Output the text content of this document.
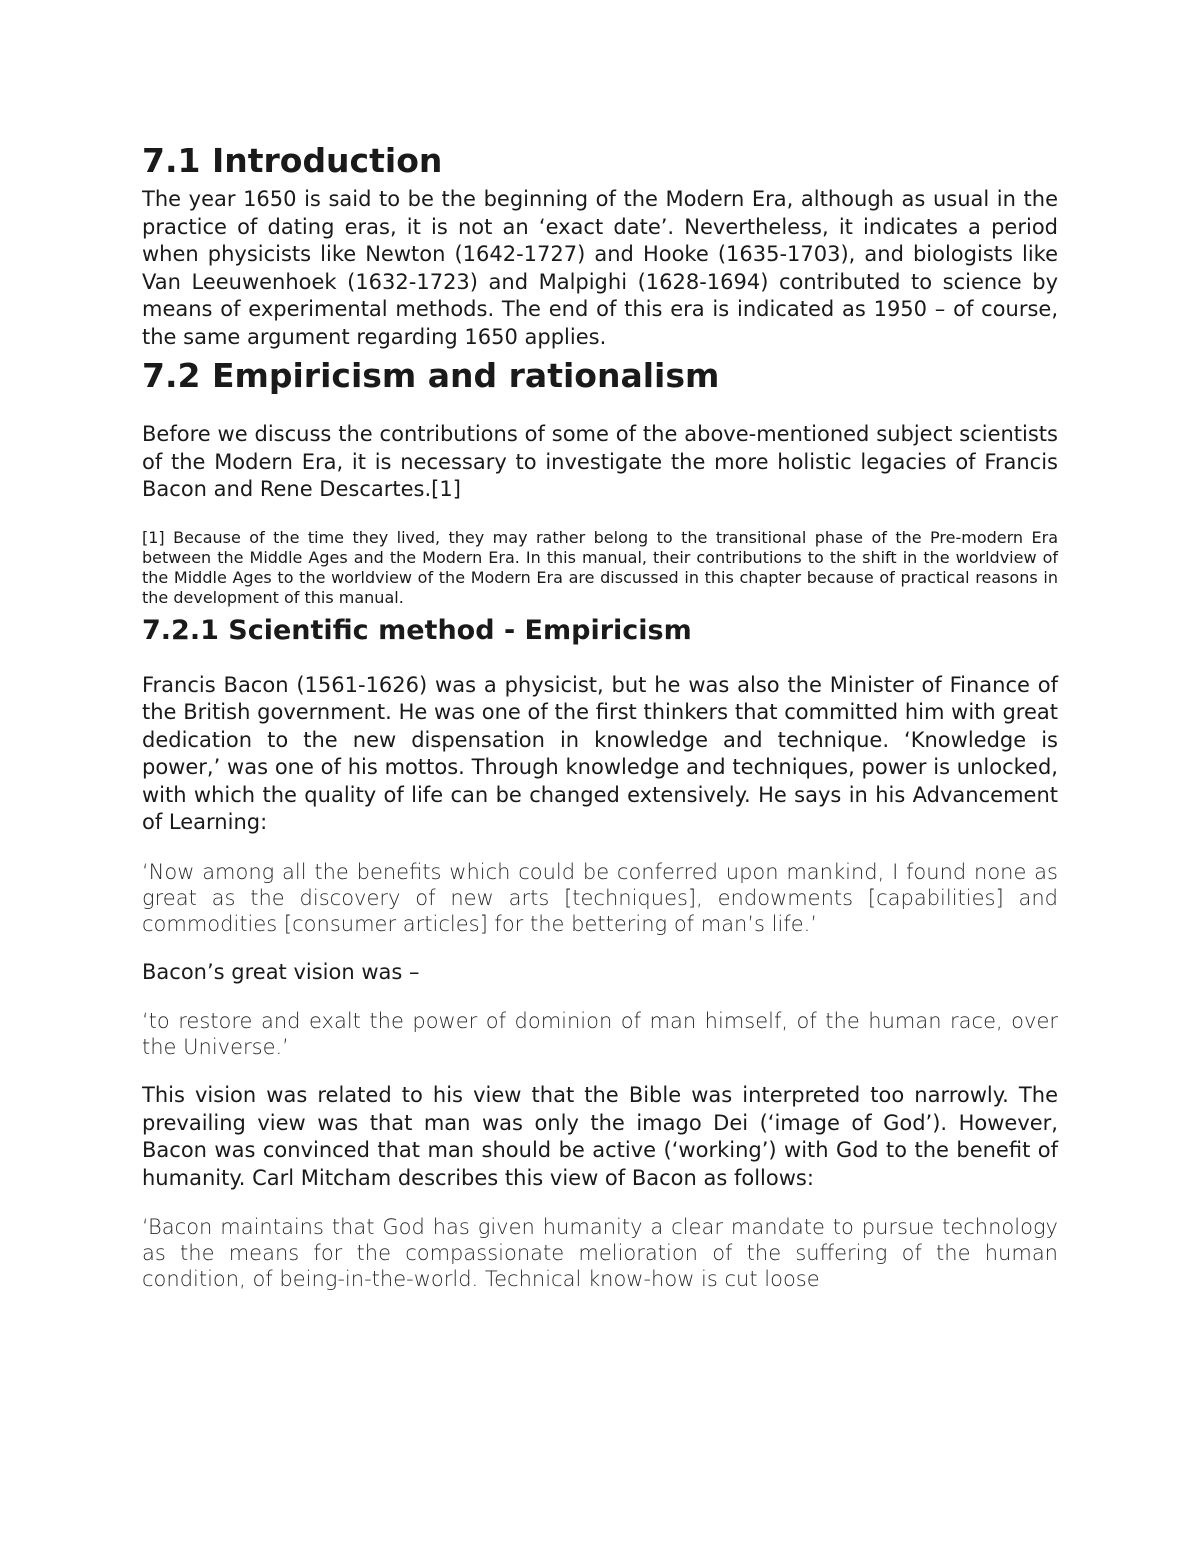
7.1 Introduction

The year 1650 is said to be the beginning of the Modern Era, although as usual in the practice of dating eras, it is not an ‘exact date’. Nevertheless, it indicates a period when physicists like Newton (1642-1727) and Hooke (1635-1703), and biologists like Van Leeuwenhoek (1632-1723) and Malpighi (1628-1694) contributed to science by means of experimental methods. The end of this era is indicated as 1950 – of course, the same argument regarding 1650 applies.

7.2 Empiricism and rationalism

Before we discuss the contributions of some of the above-mentioned subject scientists of the Modern Era, it is necessary to investigate the more holistic legacies of Francis Bacon and Rene Descartes.[1]

[1] Because of the time they lived, they may rather belong to the transitional phase of the Pre-modern Era between the Middle Ages and the Modern Era. In this manual, their contributions to the shift in the worldview of the Middle Ages to the worldview of the Modern Era are discussed in this chapter because of practical reasons in the development of this manual.

7.2.1 Scientific method - Empiricism

Francis Bacon (1561-1626) was a physicist, but he was also the Minister of Finance of the British government. He was one of the first thinkers that committed him with great dedication to the new dispensation in knowledge and technique. ‘Knowledge is power,’ was one of his mottos. Through knowledge and techniques, power is unlocked, with which the quality of life can be changed extensively. He says in his Advancement of Learning:

‘Now among all the benefits which could be conferred upon mankind, I found none as great as the discovery of new arts [techniques], endowments [capabilities] and commodities [consumer articles] for the bettering of man’s life.’

Bacon’s great vision was –

‘to restore and exalt the power of dominion of man himself, of the human race, over the Universe.’

This vision was related to his view that the Bible was interpreted too narrowly. The prevailing view was that man was only the imago Dei (‘image of God’). However, Bacon was convinced that man should be active (‘working’) with God to the benefit of humanity. Carl Mitcham describes this view of Bacon as follows:

‘Bacon maintains that God has given humanity a clear mandate to pursue technology as the means for the compassionate melioration of the suffering of the human condition, of being-in-the-world. Technical know-how is cut loose
